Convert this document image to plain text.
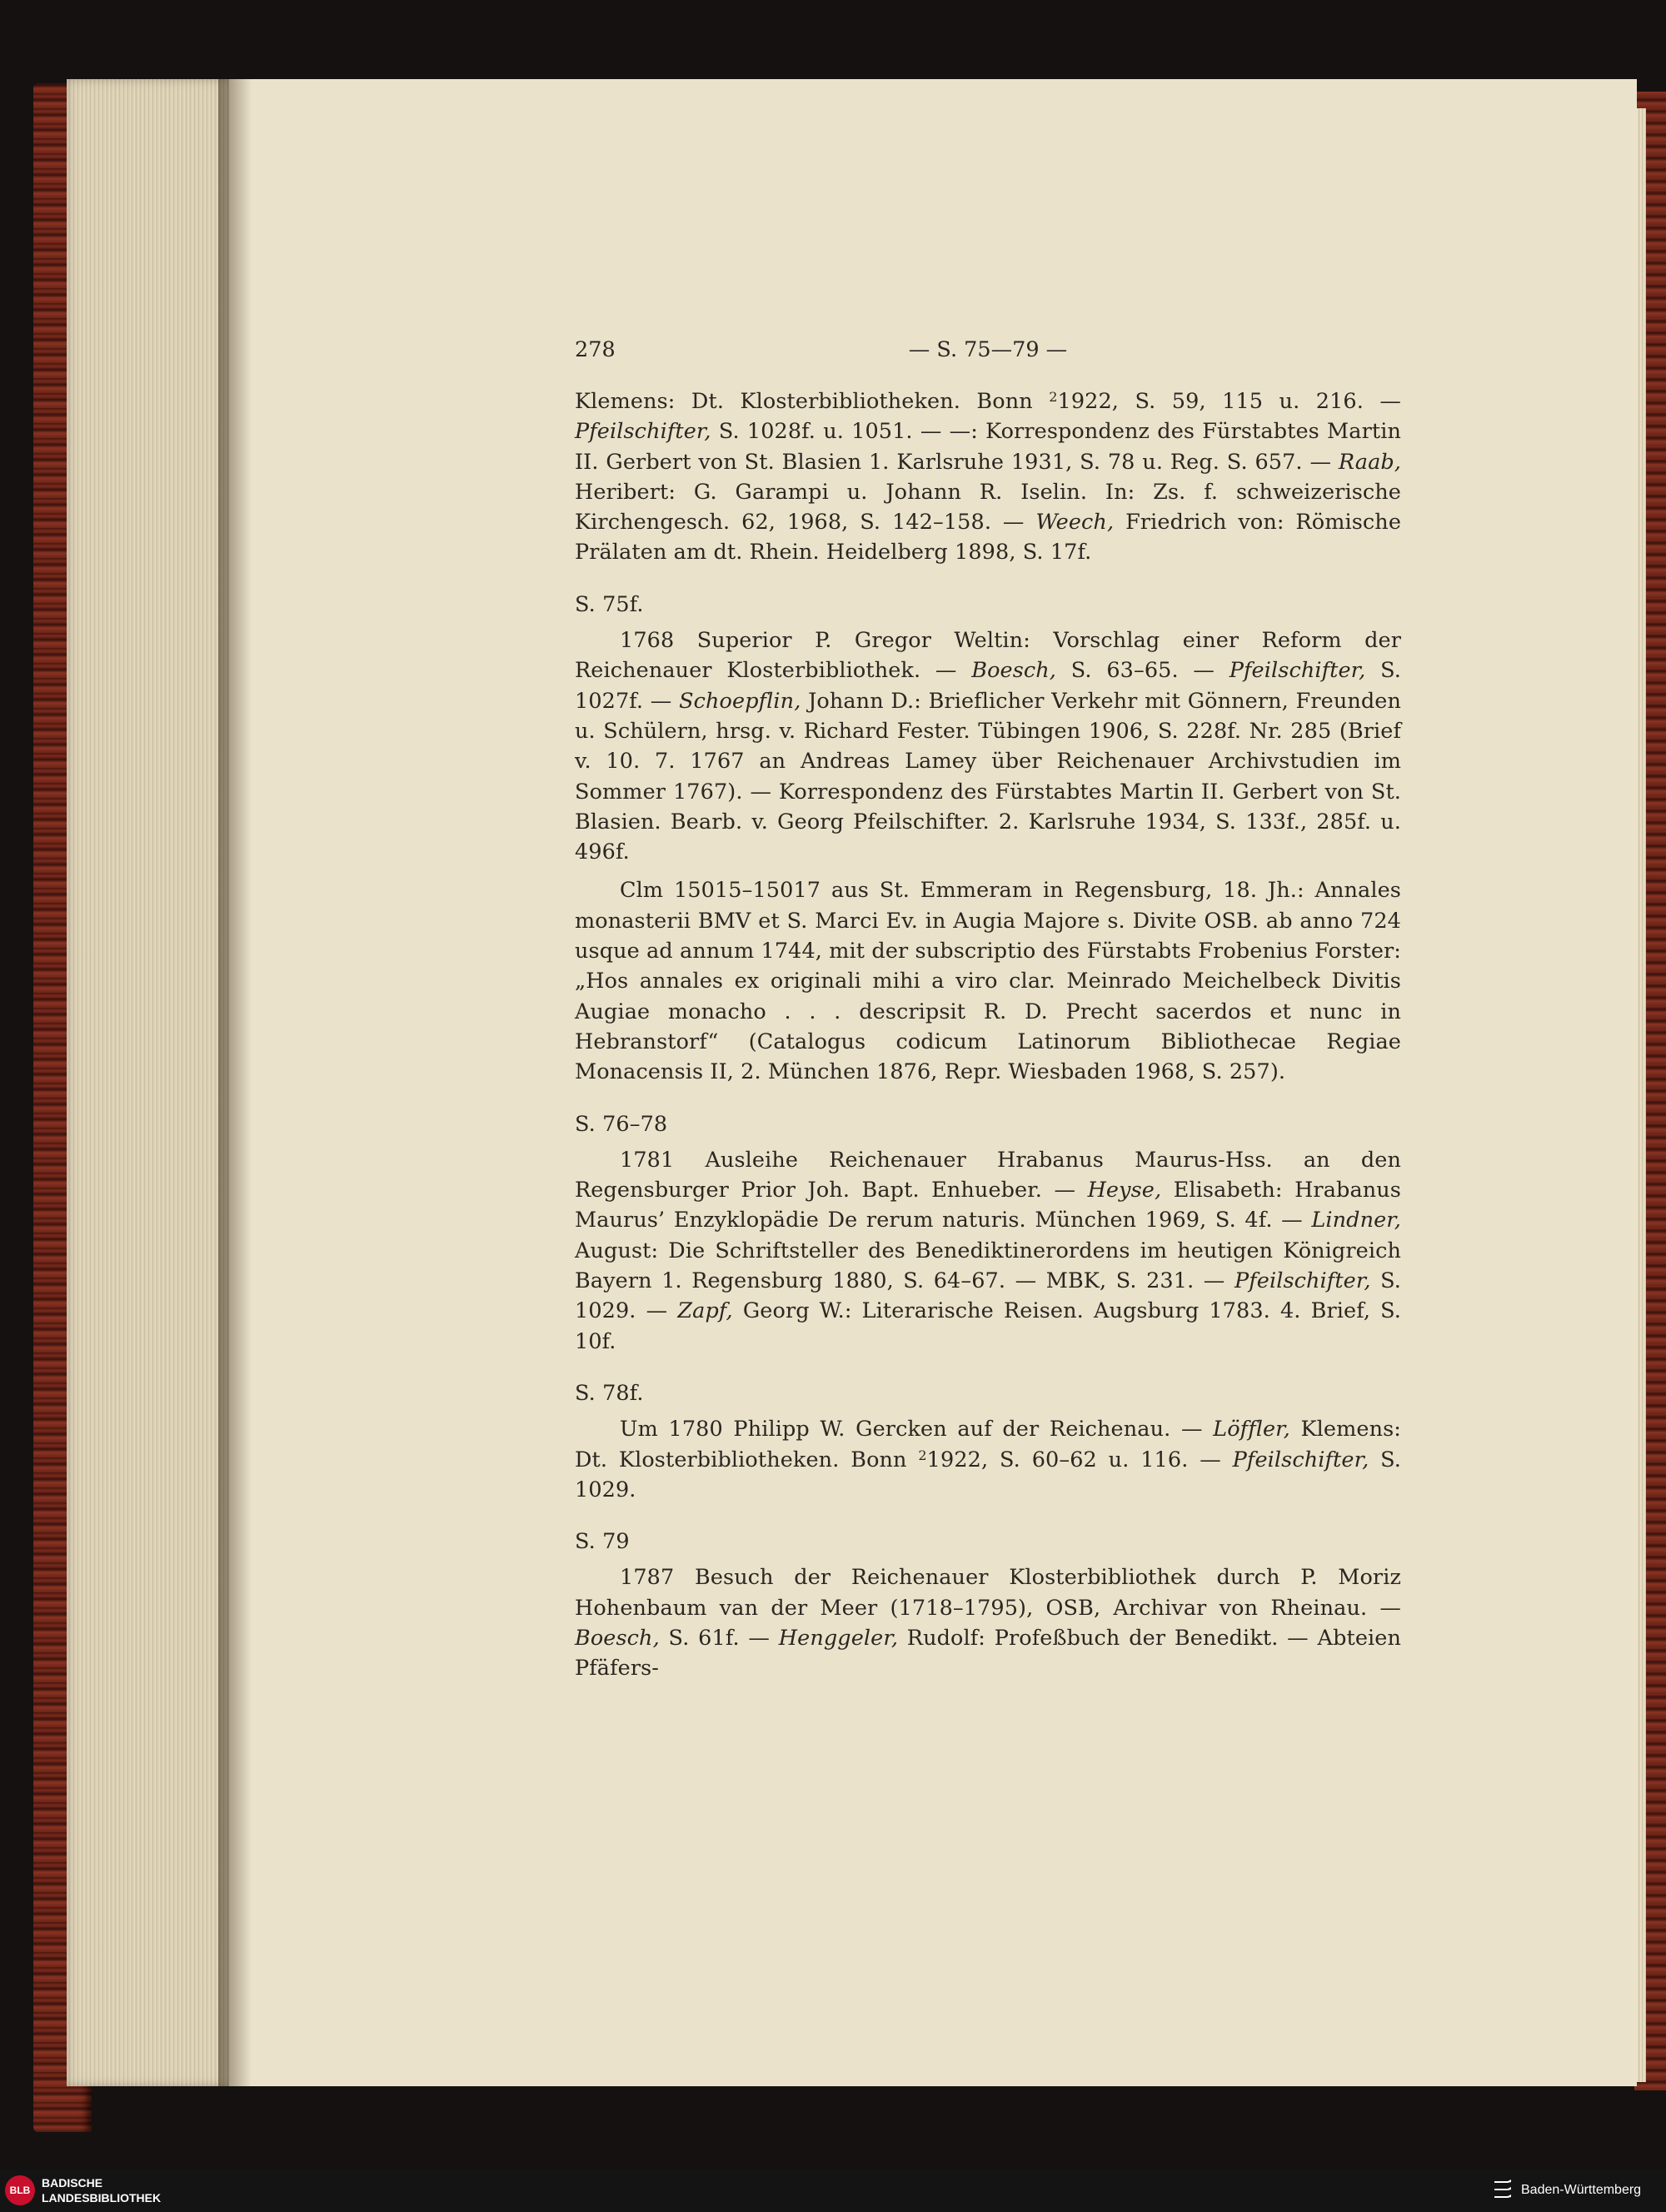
278	— S. 75—79 —

Klemens: Dt. Klosterbibliotheken. Bonn $^2$1922, S. 59, 115 u. 216. — Pfeilschifter, S. 1028f. u. 1051. — —: Korrespondenz des Fürstabtes Martin II. Gerbert von St. Blasien 1. Karlsruhe 1931, S. 78 u. Reg. S. 657. — Raab, Heribert: G. Garampi u. Johann R. Iselin. In: Zs. f. schweizerische Kirchengesch. 62, 1968, S. 142–158. — Weech, Friedrich von: Römische Prälaten am dt. Rhein. Heidelberg 1898, S. 17f.

S. 75f.

1768 Superior P. Gregor Weltin: Vorschlag einer Reform der Reichenauer Klosterbibliothek. — Boesch, S. 63–65. — Pfeilschifter, S. 1027f. — Schoepflin, Johann D.: Brieflicher Verkehr mit Gönnern, Freunden u. Schülern, hrsg. v. Richard Fester. Tübingen 1906, S. 228f. Nr. 285 (Brief v. 10. 7. 1767 an Andreas Lamey über Reichenauer Archivstudien im Sommer 1767). — Korrespondenz des Fürstabtes Martin II. Gerbert von St. Blasien. Bearb. v. Georg Pfeilschifter. 2. Karlsruhe 1934, S. 133f., 285f. u. 496f.

Clm 15015–15017 aus St. Emmeram in Regensburg, 18. Jh.: Annales monasterii BMV et S. Marci Ev. in Augia Majore s. Divite OSB. ab anno 724 usque ad annum 1744, mit der subscriptio des Fürstabts Frobenius Forster: „Hos annales ex originali mihi a viro clar. Meinrado Meichelbeck Divitis Augiae monacho . . . descripsit R. D. Precht sacerdos et nunc in Hebranstorf“ (Catalogus codicum Latinorum Bibliothecae Regiae Monacensis II, 2. München 1876, Repr. Wiesbaden 1968, S. 257).

S. 76–78

1781 Ausleihe Reichenauer Hrabanus Maurus-Hss. an den Regensburger Prior Joh. Bapt. Enhueber. — Heyse, Elisabeth: Hrabanus Maurus’ Enzyklopädie De rerum naturis. München 1969, S. 4f. — Lindner, August: Die Schriftsteller des Benediktinerordens im heutigen Königreich Bayern 1. Regensburg 1880, S. 64–67. — MBK, S. 231. — Pfeilschifter, S. 1029. — Zapf, Georg W.: Literarische Reisen. Augsburg 1783. 4. Brief, S. 10f.

S. 78f.

Um 1780 Philipp W. Gercken auf der Reichenau. — Löffler, Klemens: Dt. Klosterbibliotheken. Bonn $^2$1922, S. 60–62 u. 116. — Pfeilschifter, S. 1029.

S. 79

1787 Besuch der Reichenauer Klosterbibliothek durch P. Moriz Hohenbaum van der Meer (1718–1795), OSB, Archivar von Rheinau. — Boesch, S. 61f. — Henggeler, Rudolf: Profeßbuch der Benedikt. — Abteien Pfäfers-

BLB
BADISCHE
LANDESBIBLIOTHEK
Baden-Württemberg
